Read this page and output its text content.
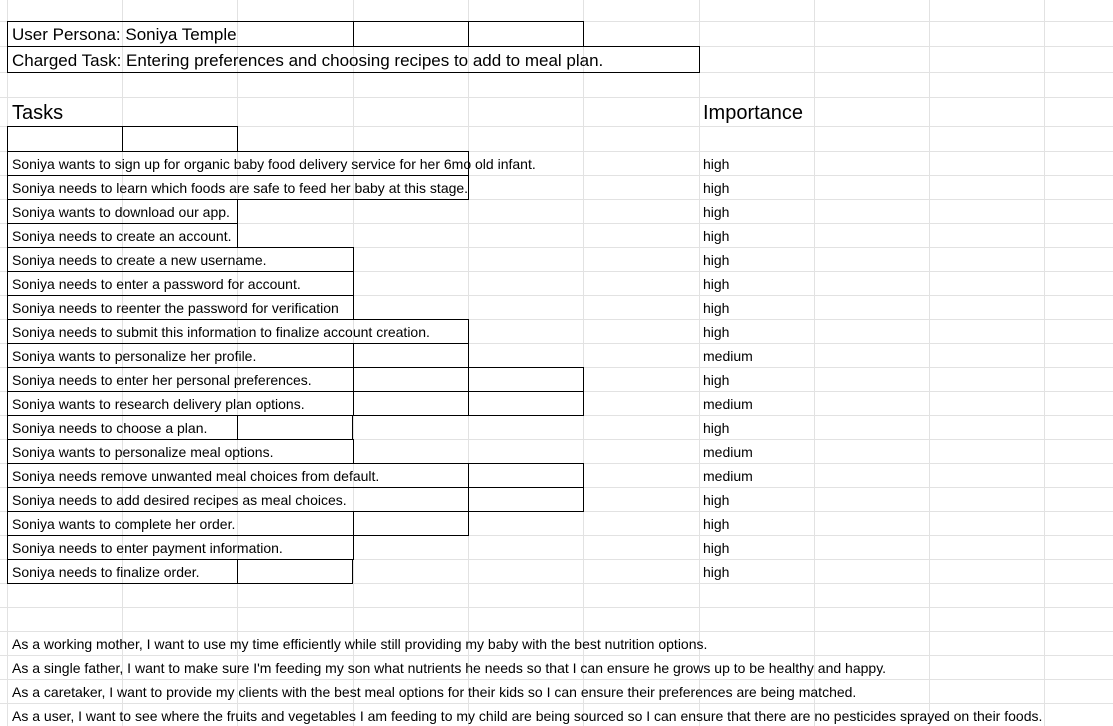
User Persona: Soniya Temple
Charged Task: Entering preferences and choosing recipes to add to meal plan.
Tasks	Importance
Soniya wants to sign up for organic baby food delivery service for her 6mo old infant.	high
Soniya needs to learn which foods are safe to feed her baby at this stage.	high
Soniya wants to download our app.	high
Soniya needs to create an account.	high
Soniya needs to create a new username.	high
Soniya needs to enter a password for account.	high
Soniya needs to reenter the password for verification	high
Soniya needs to submit this information to finalize account creation.	high
Soniya wants to personalize her profile.	medium
Soniya needs to enter her personal preferences.	high
Soniya wants to research delivery plan options.	medium
Soniya needs to choose a plan.	high
Soniya wants to personalize meal options.	medium
Soniya needs remove unwanted meal choices from default.	medium
Soniya needs to add desired recipes as meal choices.	high
Soniya wants to complete her order.	high
Soniya needs to enter payment information.	high
Soniya needs to finalize order.	high
As a working mother, I want to use my time efficiently while still providing my baby with the best nutrition options.
As a single father, I want to make sure I'm feeding my son what nutrients he needs so that I can ensure he grows up to be healthy and happy.
As a caretaker, I want to provide my clients with the best meal options for their kids so I can ensure their preferences are being matched.
As a user, I want to see where the fruits and vegetables I am feeding to my child are being sourced so I can ensure that there are no pesticides sprayed on their foods.
